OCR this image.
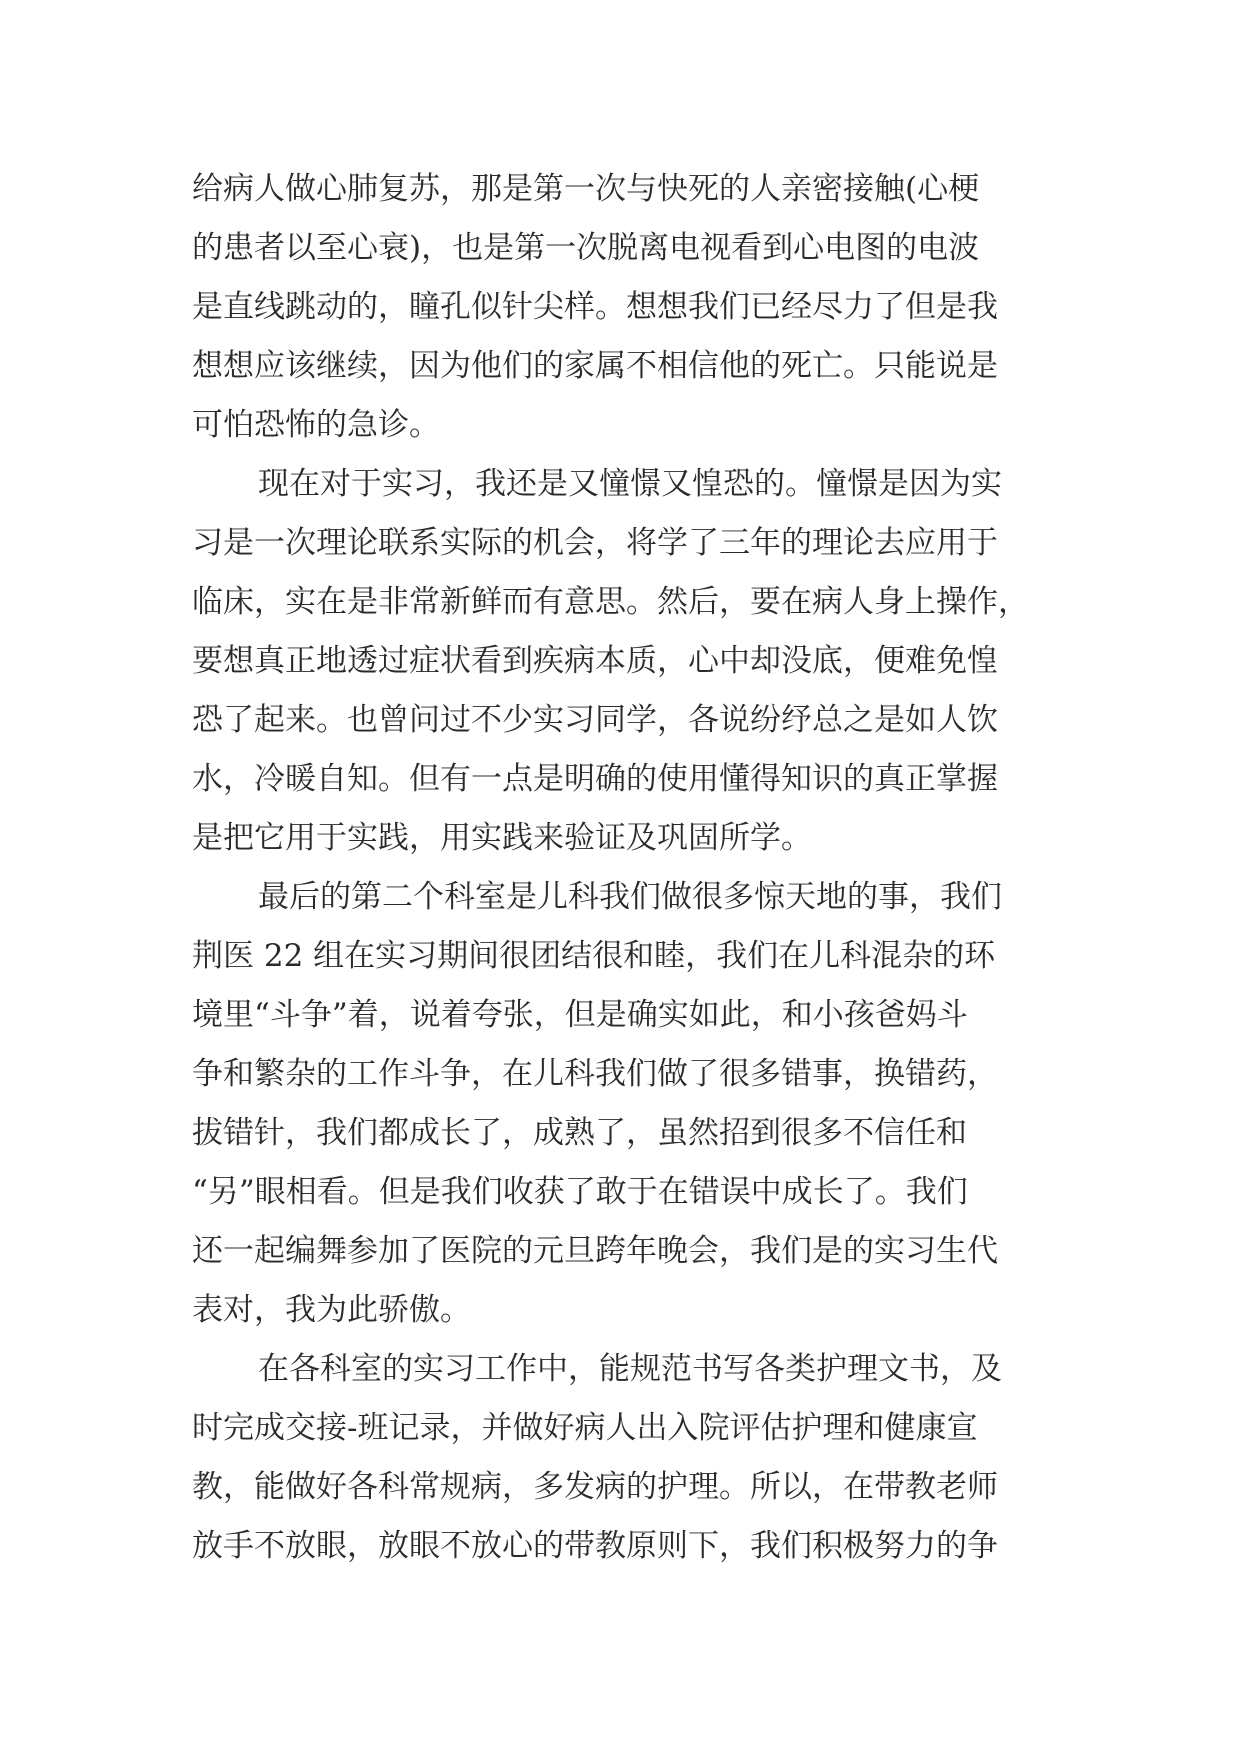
给病人做心肺复苏，那是第一次与快死的人亲密接触(心梗
的患者以至心衰)，也是第一次脱离电视看到心电图的电波
是直线跳动的，瞳孔似针尖样。想想我们已经尽力了但是我
想想应该继续，因为他们的家属不相信他的死亡。只能说是
可怕恐怖的急诊。

现在对于实习，我还是又憧憬又惶恐的。憧憬是因为实
习是一次理论联系实际的机会，将学了三年的理论去应用于
临床，实在是非常新鲜而有意思。然后，要在病人身上操作，
要想真正地透过症状看到疾病本质，心中却没底，便难免惶
恐了起来。也曾问过不少实习同学，各说纷纾总之是如人饮
水，冷暖自知。但有一点是明确的使用懂得知识的真正掌握
是把它用于实践，用实践来验证及巩固所学。

最后的第二个科室是儿科我们做很多惊天地的事，我们
荆医 22 组在实习期间很团结很和睦，我们在儿科混杂的环
境里“斗争”着，说着夸张，但是确实如此，和小孩爸妈斗
争和繁杂的工作斗争，在儿科我们做了很多错事，换错药，
拔错针，我们都成长了，成熟了，虽然招到很多不信任和
“另”眼相看。但是我们收获了敢于在错误中成长了。我们
还一起编舞参加了医院的元旦跨年晚会，我们是的实习生代
表对，我为此骄傲。

在各科室的实习工作中，能规范书写各类护理文书，及
时完成交接-班记录，并做好病人出入院评估护理和健康宣
教，能做好各科常规病，多发病的护理。所以，在带教老师
放手不放眼，放眼不放心的带教原则下，我们积极努力的争
